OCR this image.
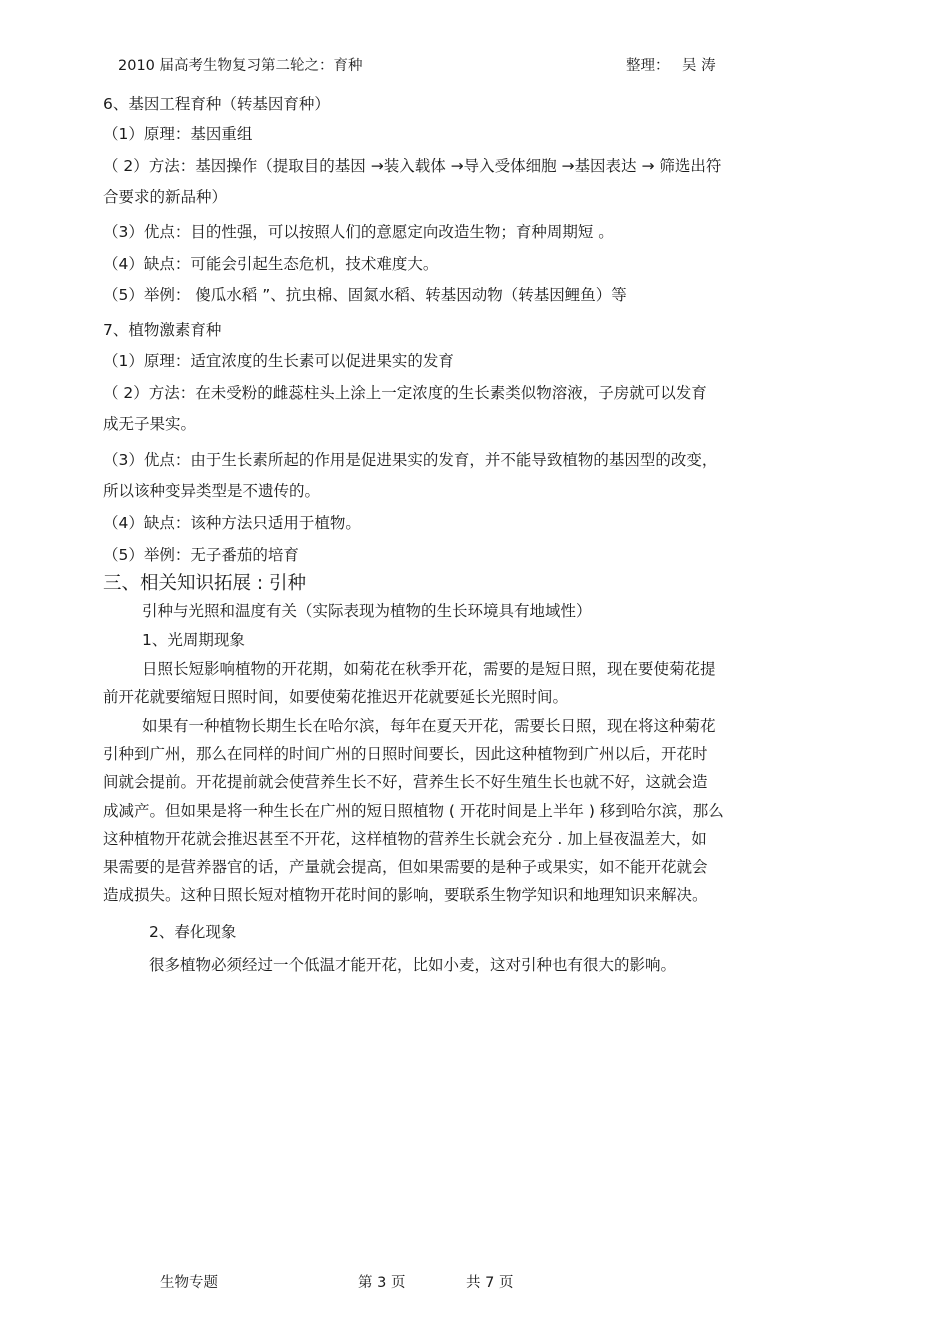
2010 届高考生物复习第二轮之：育种	整理： 吴 涛
6、基因工程育种（转基因育种）
（1）原理：基因重组
（ 2）方法：基因操作（提取目的基因 →装入载体 →导入受体细胞 →基因表达 → 筛选出符
合要求的新品种）
（3）优点：目的性强，可以按照人们的意愿定向改造生物；育种周期短 。
（4）缺点：可能会引起生态危机，技术难度大。
（5）举例： 傻瓜水稻 ”、抗虫棉、固氮水稻、转基因动物（转基因鲤鱼）等
7、植物激素育种
（1）原理：适宜浓度的生长素可以促进果实的发育
（ 2）方法：在未受粉的雌蕊柱头上涂上一定浓度的生长素类似物溶液，子房就可以发育
成无子果实。
（3）优点：由于生长素所起的作用是促进果实的发育，并不能导致植物的基因型的改变，
所以该种变异类型是不遗传的。
（4）缺点：该种方法只适用于植物。
（5）举例：无子番茄的培育
三、相关知识拓展 : 引种
引种与光照和温度有关（实际表现为植物的生长环境具有地域性）
1、光周期现象
日照长短影响植物的开花期，如菊花在秋季开花，需要的是短日照，现在要使菊花提
前开花就要缩短日照时间，如要使菊花推迟开花就要延长光照时间。
如果有一种植物长期生长在哈尔滨，每年在夏天开花，需要长日照，现在将这种菊花
引种到广州，那么在同样的时间广州的日照时间要长，因此这种植物到广州以后，开花时
间就会提前。开花提前就会使营养生长不好，营养生长不好生殖生长也就不好，这就会造
成减产。但如果是将一种生长在广州的短日照植物 ( 开花时间是上半年 ) 移到哈尔滨，那么
这种植物开花就会推迟甚至不开花，这样植物的营养生长就会充分 . 加上昼夜温差大，如
果需要的是营养器官的话，产量就会提高，但如果需要的是种子或果实，如不能开花就会
造成损失。这种日照长短对植物开花时间的影响，要联系生物学知识和地理知识来解决。
2、春化现象
很多植物必须经过一个低温才能开花，比如小麦，这对引种也有很大的影响。
生物专题	第 3 页	共 7 页
